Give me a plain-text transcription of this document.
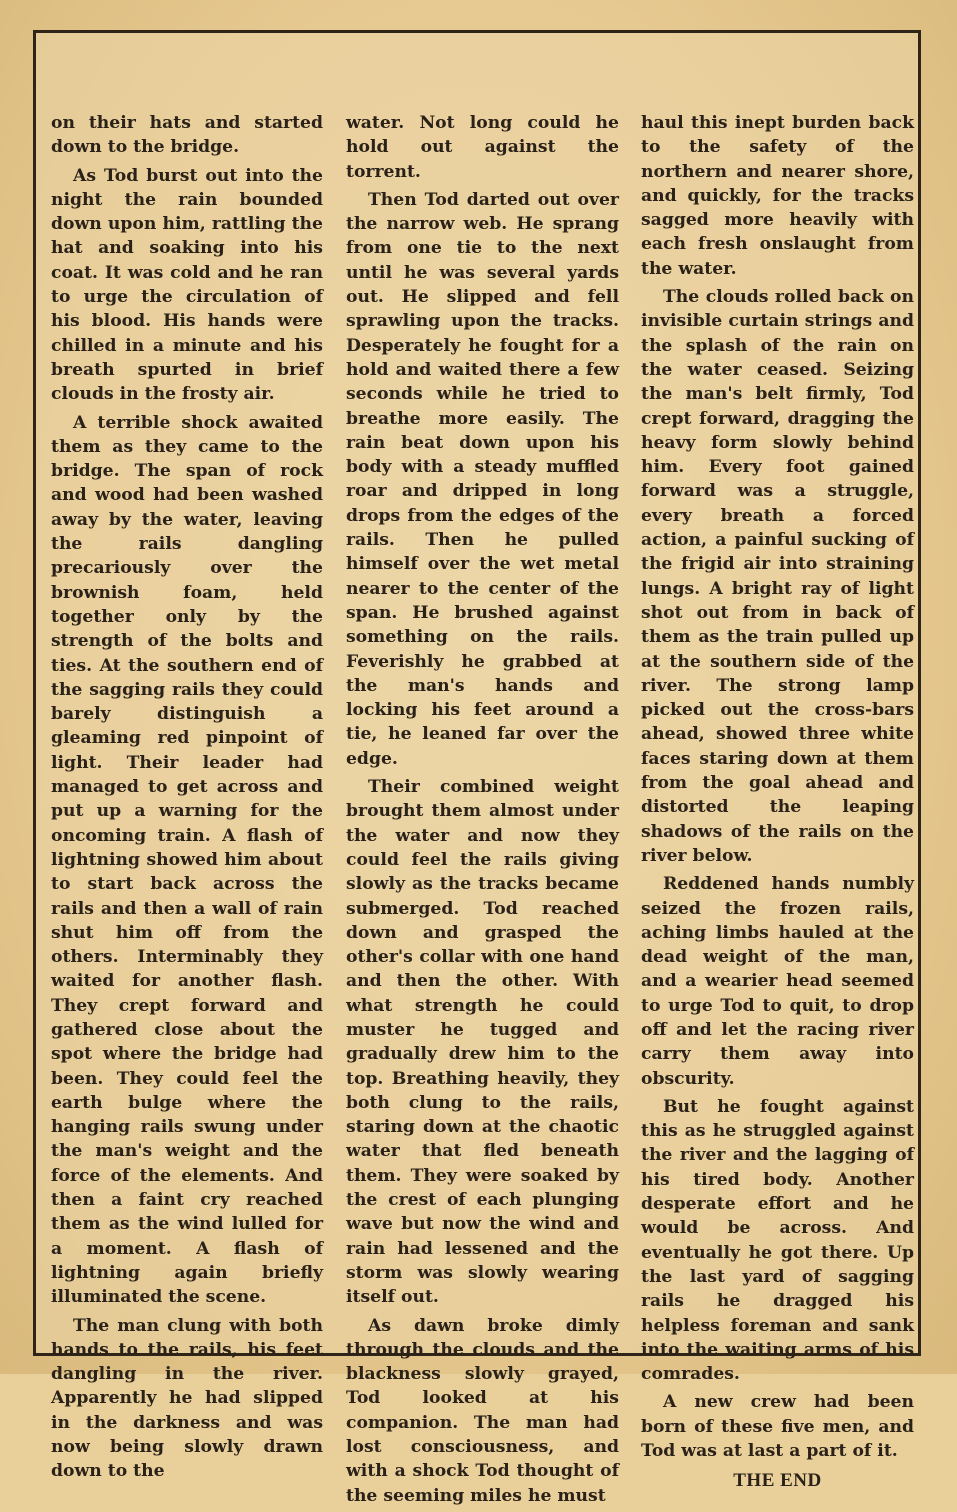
on their hats and started down to the bridge.

As Tod burst out into the night the rain bounded down upon him, rattling the hat and soaking into his coat. It was cold and he ran to urge the circulation of his blood. His hands were chilled in a minute and his breath spurted in brief clouds in the frosty air.

A terrible shock awaited them as they came to the bridge. The span of rock and wood had been washed away by the water, leaving the rails dangling precariously over the brownish foam, held together only by the strength of the bolts and ties. At the southern end of the sagging rails they could barely distinguish a gleaming red pinpoint of light. Their leader had managed to get across and put up a warning for the oncoming train. A flash of lightning showed him about to start back across the rails and then a wall of rain shut him off from the others. Interminably they waited for another flash. They crept forward and gathered close about the spot where the bridge had been. They could feel the earth bulge where the hanging rails swung under the man's weight and the force of the elements. And then a faint cry reached them as the wind lulled for a moment. A flash of lightning again briefly illuminated the scene.

The man clung with both hands to the rails, his feet dangling in the river. Apparently he had slipped in the darkness and was now being slowly drawn down to the

water. Not long could he hold out against the torrent.

Then Tod darted out over the narrow web. He sprang from one tie to the next until he was several yards out. He slipped and fell sprawling upon the tracks. Desperately he fought for a hold and waited there a few seconds while he tried to breathe more easily. The rain beat down upon his body with a steady muffled roar and dripped in long drops from the edges of the rails. Then he pulled himself over the wet metal nearer to the center of the span. He brushed against something on the rails. Feverishly he grabbed at the man's hands and locking his feet around a tie, he leaned far over the edge.

Their combined weight brought them almost under the water and now they could feel the rails giving slowly as the tracks became submerged. Tod reached down and grasped the other's collar with one hand and then the other. With what strength he could muster he tugged and gradually drew him to the top. Breathing heavily, they both clung to the rails, staring down at the chaotic water that fled beneath them. They were soaked by the crest of each plunging wave but now the wind and rain had lessened and the storm was slowly wearing itself out.

As dawn broke dimly through the clouds and the blackness slowly grayed, Tod looked at his companion. The man had lost consciousness, and with a shock Tod thought of the seeming miles he must

haul this inept burden back to the safety of the northern and nearer shore, and quickly, for the tracks sagged more heavily with each fresh onslaught from the water.

The clouds rolled back on invisible curtain strings and the splash of the rain on the water ceased. Seizing the man's belt firmly, Tod crept forward, dragging the heavy form slowly behind him. Every foot gained forward was a struggle, every breath a forced action, a painful sucking of the frigid air into straining lungs. A bright ray of light shot out from in back of them as the train pulled up at the southern side of the river. The strong lamp picked out the cross-bars ahead, showed three white faces staring down at them from the goal ahead and distorted the leaping shadows of the rails on the river below.

Reddened hands numbly seized the frozen rails, aching limbs hauled at the dead weight of the man, and a wearier head seemed to urge Tod to quit, to drop off and let the racing river carry them away into obscurity.

But he fought against this as he struggled against the river and the lagging of his tired body. Another desperate effort and he would be across. And eventually he got there. Up the last yard of sagging rails he dragged his helpless foreman and sank into the waiting arms of his comrades.

A new crew had been born of these five men, and Tod was at last a part of it.

THE END
